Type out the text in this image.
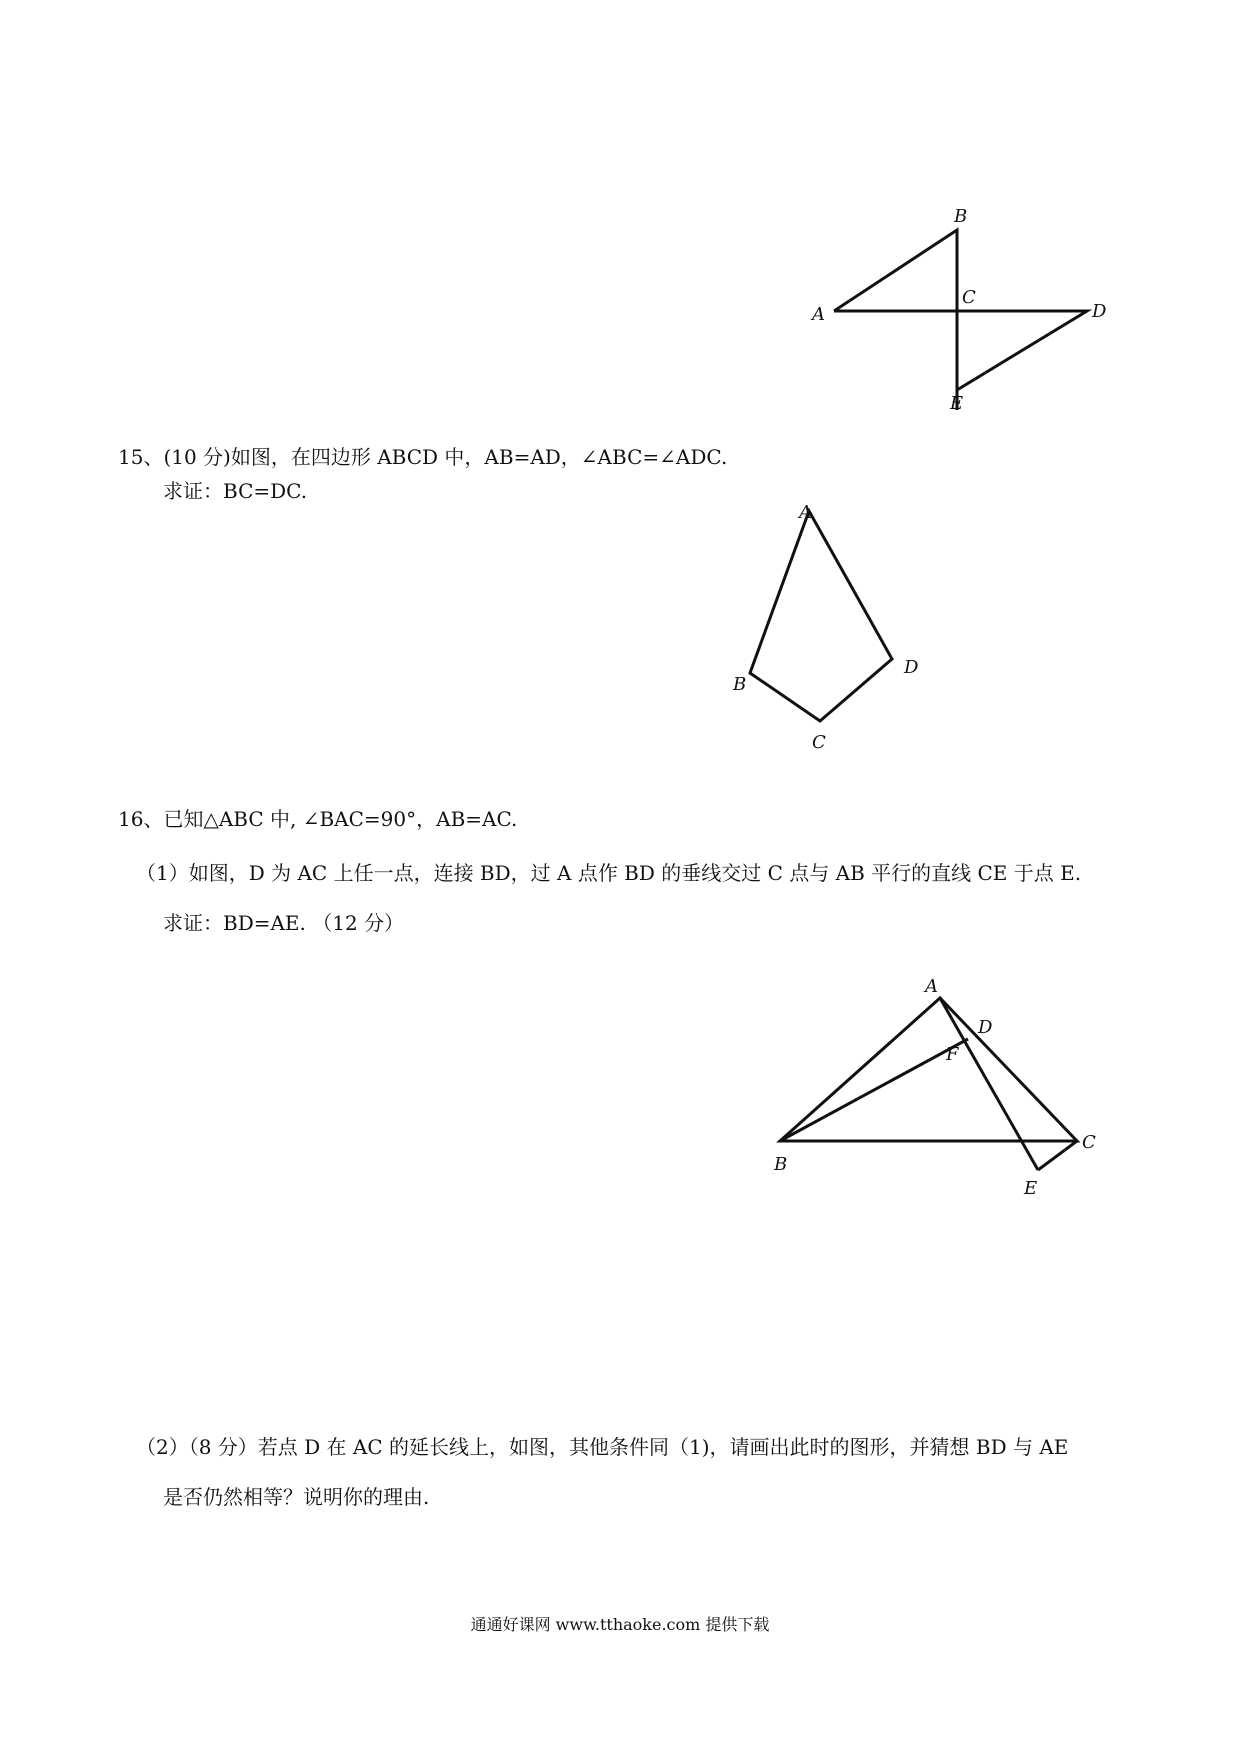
A
B
C
D
E
15、(10 分)如图，在四边形 ABCD 中，AB=AD，∠ABC=∠ADC.
求证：BC=DC.
A
B
C
D
16、已知△ABC 中, ∠BAC=90°，AB=AC.
（1）如图，D 为 AC 上任一点，连接 BD，过 A 点作 BD 的垂线交过 C 点与 AB 平行的直线 CE 于点 E.
求证：BD=AE. （12 分）
A
B
C
D
E
F
（2）（8 分）若点 D 在 AC 的延长线上，如图，其他条件同（1)，请画出此时的图形，并猜想 BD 与 AE
是否仍然相等？说明你的理由.
通通好课网 www.tthaoke.com 提供下载
